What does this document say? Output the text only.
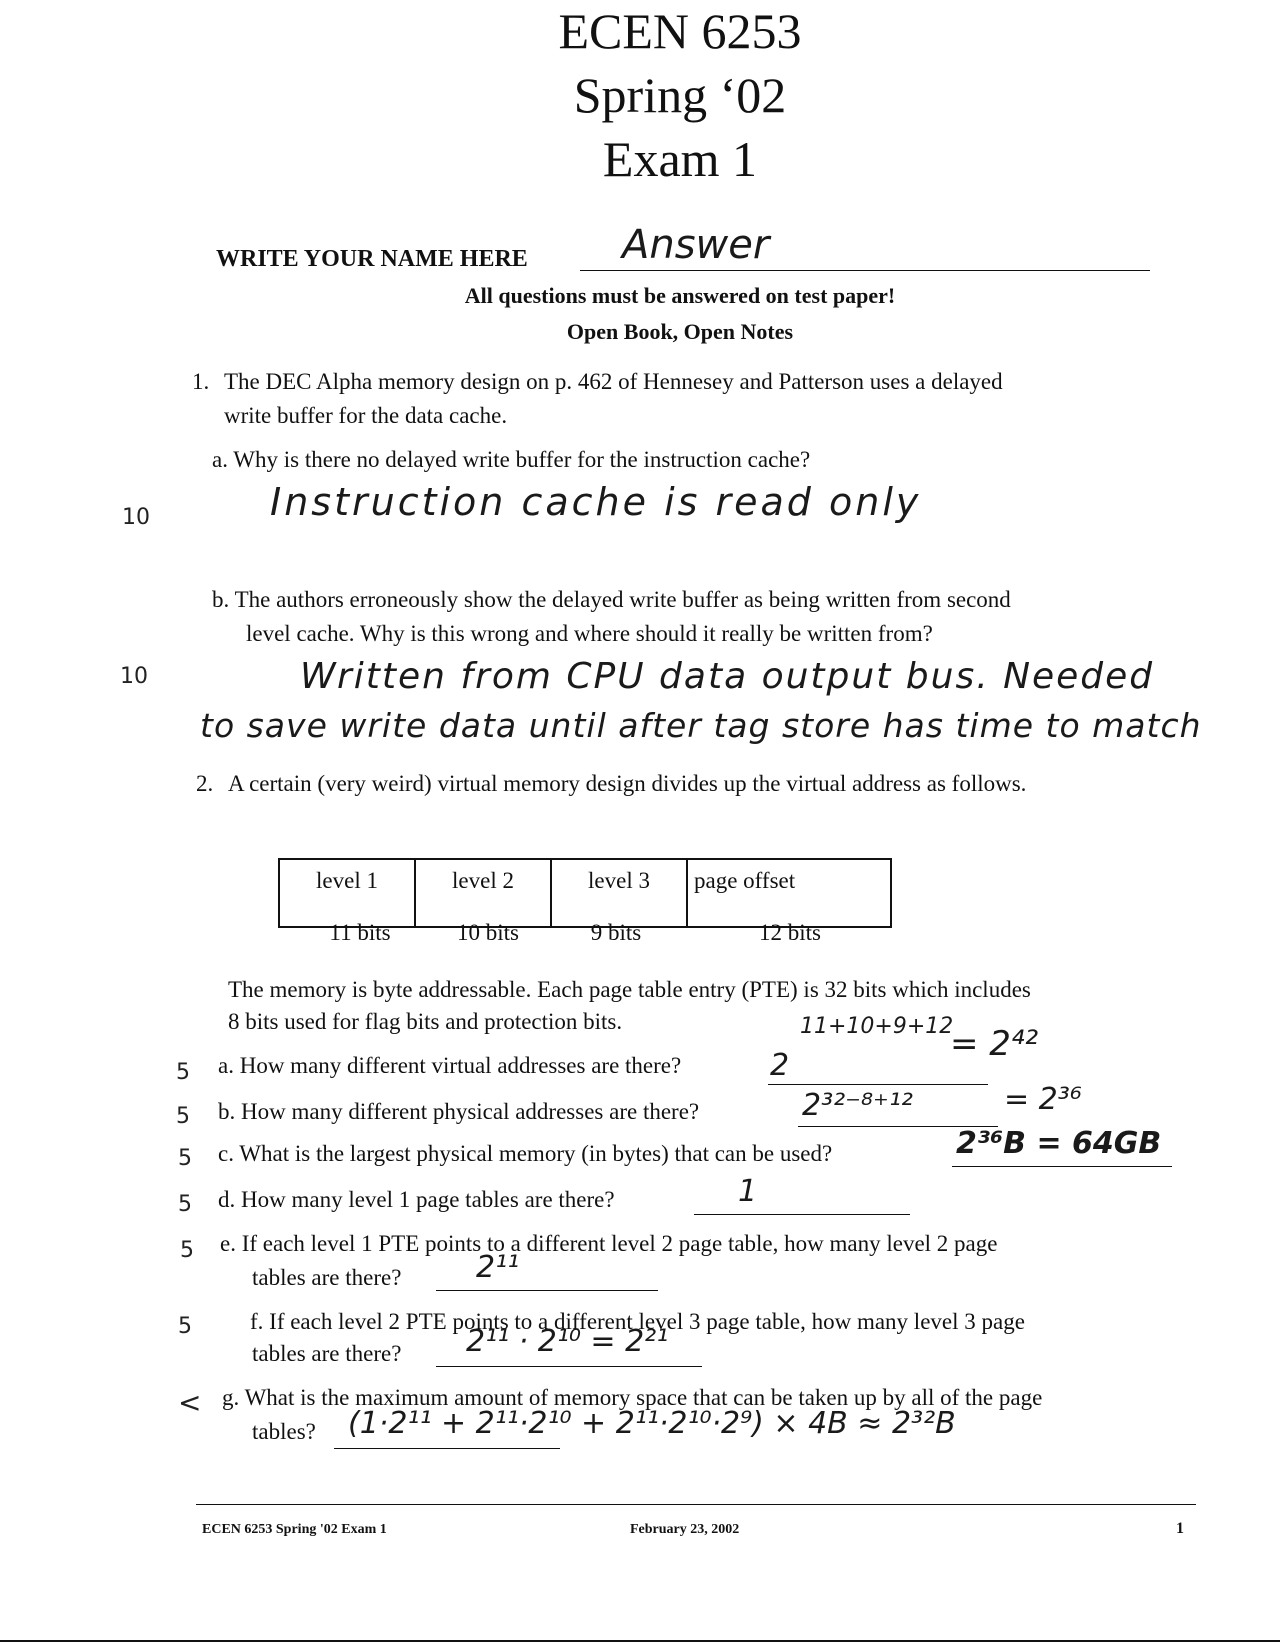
ECEN 6253
Spring ‘02
Exam 1
WRITE YOUR NAME HERE Answer
All questions must be answered on test paper!
Open Book, Open Notes
1. The DEC Alpha memory design on p. 462 of Hennesey and Patterson uses a delayed
write buffer for the data cache.
a. Why is there no delayed write buffer for the instruction cache?
10	Instruction cache is read only
b. The authors erroneously show the delayed write buffer as being written from second
level cache. Why is this wrong and where should it really be written from?
10	Written from CPU data output bus. Needed
to save write data until after tag store has time to match
2. A certain (very weird) virtual memory design divides up the virtual address as follows.
level 1	level 2	level 3	page offset
11 bits	10 bits	9 bits	12 bits
The memory is byte addressable. Each page table entry (PTE) is 32 bits which includes
8 bits used for flag bits and protection bits.	11+10+9+12
5 a. How many different virtual addresses are there?	2
= 2⁴²
5 b. How many different physical addresses are there?	2³²⁻⁸⁺¹²	= 2³⁶
5 c. What is the largest physical memory (in bytes) that can be used?	2³⁶B = 64GB
5 d. How many level 1 page tables are there?	1
5 e. If each level 1 PTE points to a different level 2 page table, how many level 2 page
tables are there? 2¹¹
5	f. If each level 2 PTE points to a different level 3 page table, how many level 3 page
tables are there? 2¹¹ · 2¹⁰ = 2²¹
< g. What is the maximum amount of memory space that can be taken up by all of the page
tables? (1·2¹¹ + 2¹¹·2¹⁰ + 2¹¹·2¹⁰·2⁹) × 4B ≈ 2³²B
ECEN 6253 Spring '02 Exam 1	February 23, 2002	1
